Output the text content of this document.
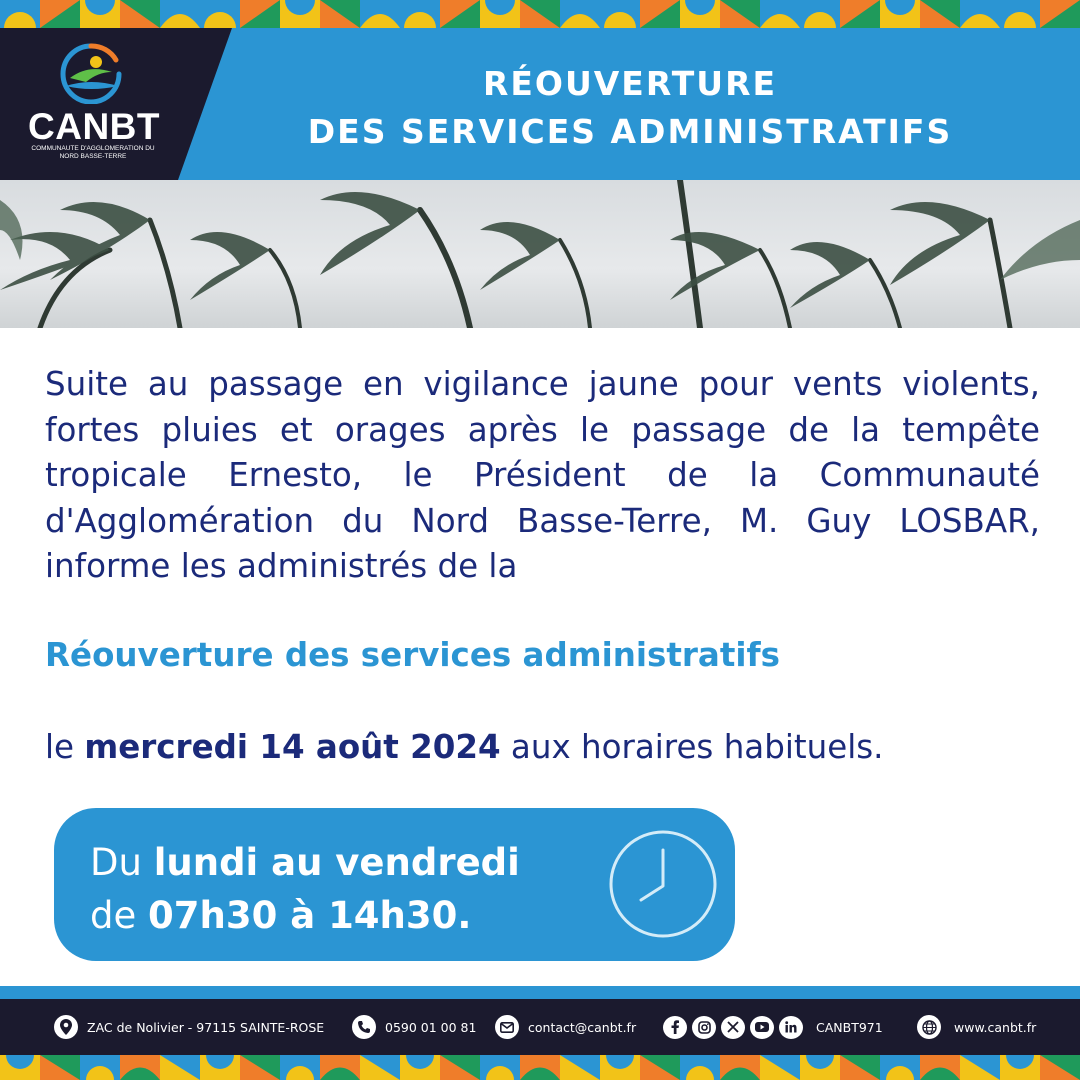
CANBT
COMMUNAUTE D'AGGLOMERATION DU NORD BASSE-TERRE
RÉOUVERTURE
DES SERVICES ADMINISTRATIFS
Suite au passage en vigilance jaune pour vents violents, fortes pluies et orages après le passage de la tempête tropicale Ernesto, le Président de la Communauté d'Agglomération du Nord Basse-Terre, M. Guy LOSBAR, informe les administrés de la
Réouverture des services administratifs
le mercredi 14 août 2024 aux horaires habituels.
Du lundi au vendredi
de 07h30 à 14h30.
ZAC de Nolivier - 97115 SAINTE-ROSE	0590 01 00 81	contact@canbt.fr	CANBT971	www.canbt.fr
